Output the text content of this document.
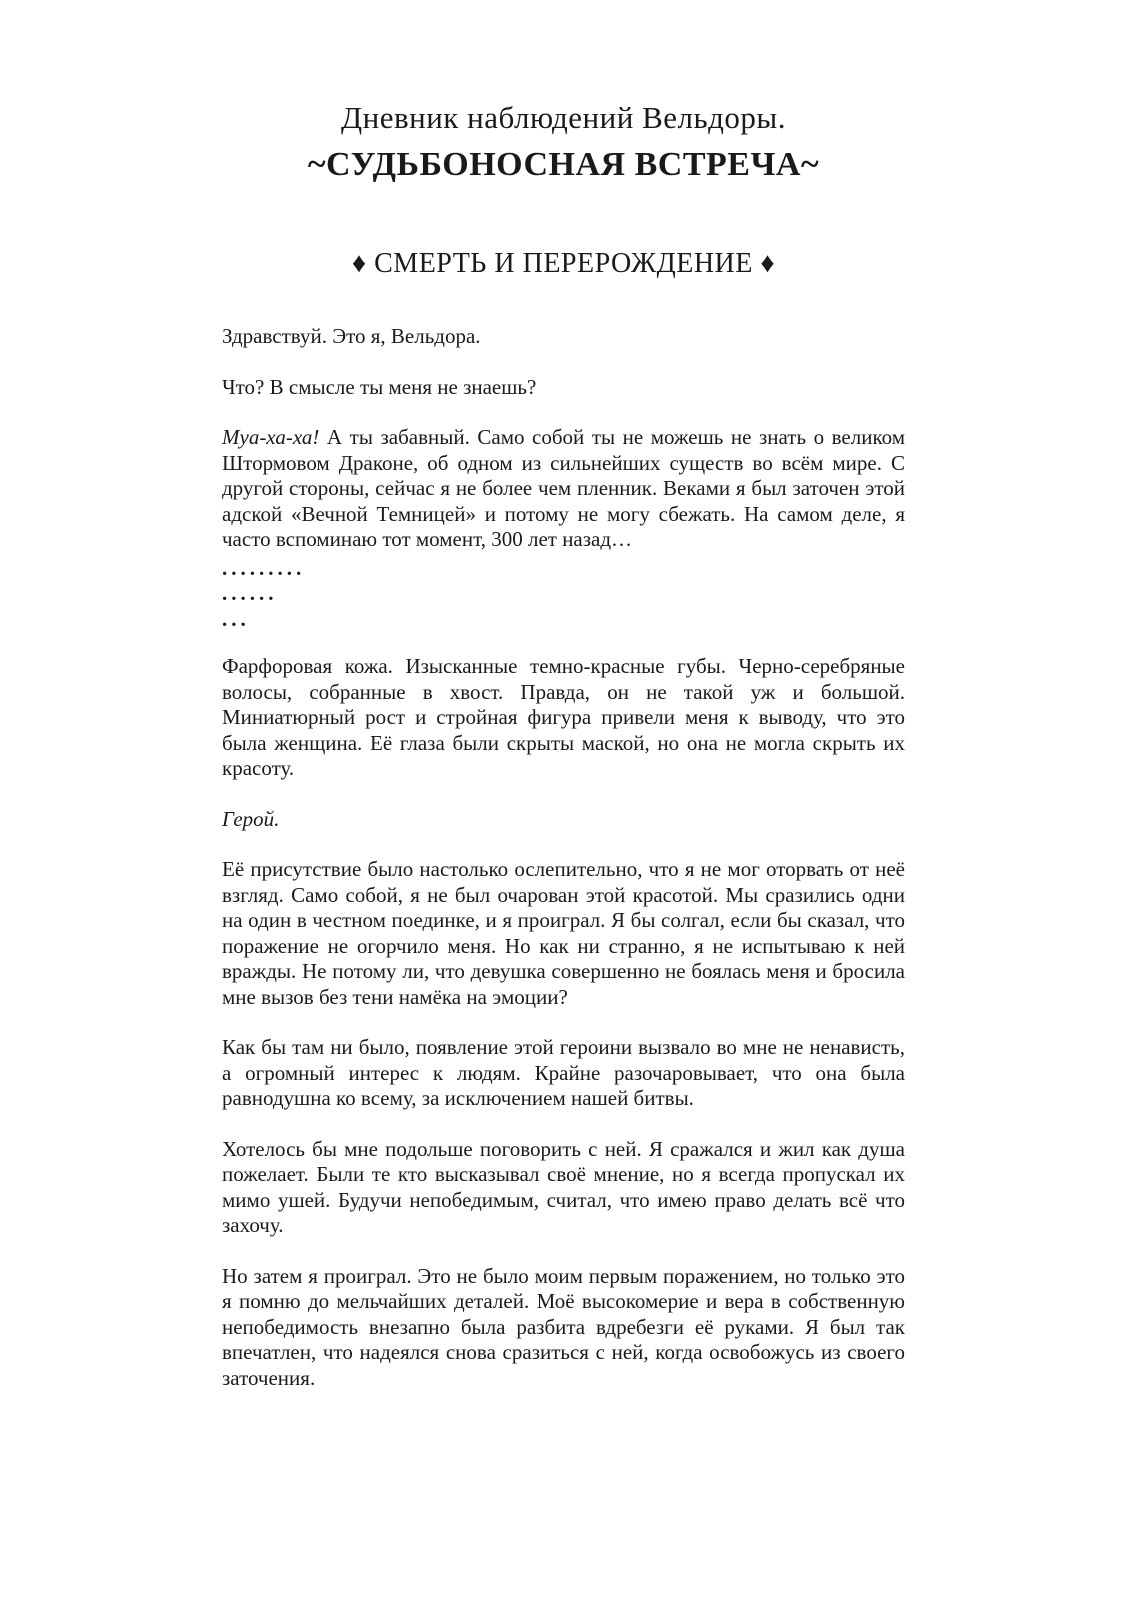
Дневник наблюдений Вельдоры.
~СУДЬБОНОСНАЯ ВСТРЕЧА~
♦ СМЕРТЬ И ПЕРЕРОЖДЕНИЕ ♦

Здравствуй. Это я, Вельдора.

Что? В смысле ты меня не знаешь?

Муа-ха-ха! А ты забавный. Само собой ты не можешь не знать о великом Штормовом Драконе, об одном из сильнейших существ во всём мире. С другой стороны, сейчас я не более чем пленник. Веками я был заточен этой адской «Вечной Темницей» и потому не могу сбежать. На самом деле, я часто вспоминаю тот момент, 300 лет назад…

.........

......

...

Фарфоровая кожа. Изысканные темно-красные губы. Черно-серебряные волосы, собранные в хвост. Правда, он не такой уж и большой. Миниатюрный рост и стройная фигура привели меня к выводу, что это была женщина. Её глаза были скрыты маской, но она не могла скрыть их красоту.

Герой.

Её присутствие было настолько ослепительно, что я не мог оторвать от неё взгляд. Само собой, я не был очарован этой красотой. Мы сразились одни на один в честном поединке, и я проиграл. Я бы солгал, если бы сказал, что поражение не огорчило меня. Но как ни странно, я не испытываю к ней вражды. Не потому ли, что девушка совершенно не боялась меня и бросила мне вызов без тени намёка на эмоции?

Как бы там ни было, появление этой героини вызвало во мне не ненависть, а огромный интерес к людям. Крайне разочаровывает, что она была равнодушна ко всему, за исключением нашей битвы.

Хотелось бы мне подольше поговорить с ней. Я сражался и жил как душа пожелает. Были те кто высказывал своё мнение, но я всегда пропускал их мимо ушей. Будучи непобедимым, считал, что имею право делать всё что захочу.

Но затем я проиграл. Это не было моим первым поражением, но только это я помню до мельчайших деталей. Моё высокомерие и вера в собственную непобедимость внезапно была разбита вдребезги её руками. Я был так впечатлен, что надеялся снова сразиться с ней, когда освобожусь из своего заточения.
